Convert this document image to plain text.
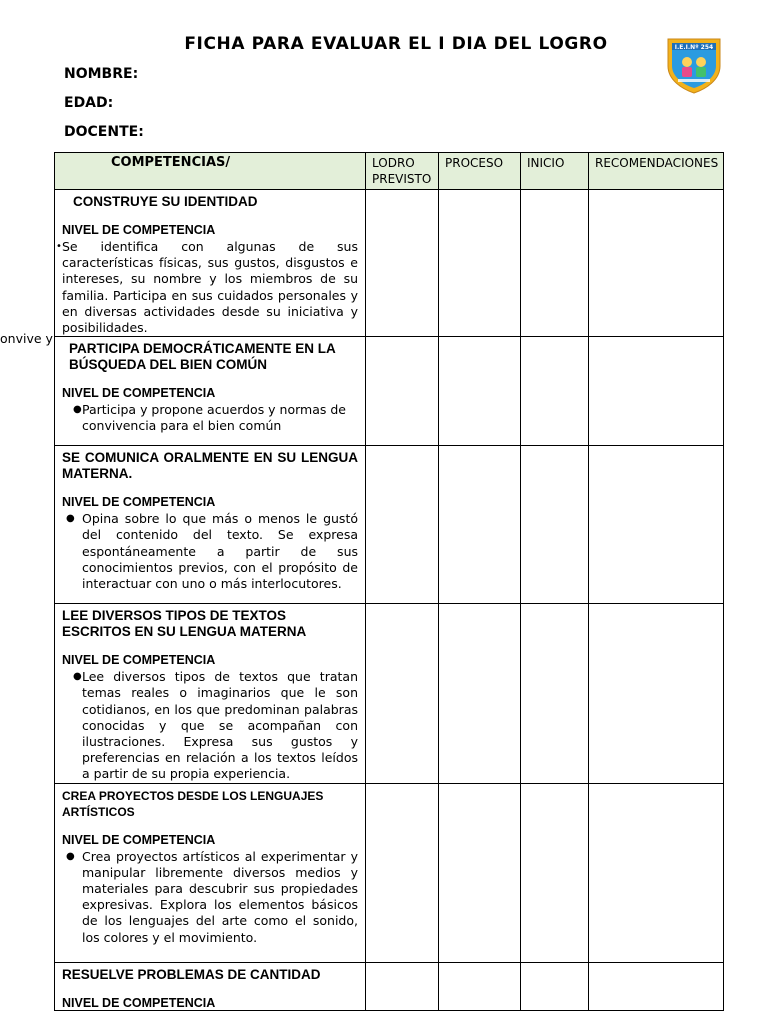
FICHA PARA EVALUAR EL I DIA DEL LOGRO	I.E.I.Nº 254
NOMBRE:
EDAD:
DOCENTE:
onvive y
COMPETENCIAS/	LODRO PREVISTO	PROCESO	INICIO	RECOMENDACIONES

CONSTRUYE SU IDENTIDAD
NIVEL DE COMPETENCIA
• Se identifica con algunas de sus características físicas, sus gustos, disgustos e intereses, su nombre y los miembros de su familia. Participa en sus cuidados personales y en diversas actividades desde su iniciativa y posibilidades.				

PARTICIPA DEMOCRÁTICAMENTE EN LA BÚSQUEDA DEL BIEN COMÚN
NIVEL DE COMPETENCIA
● Participa y propone acuerdos y normas de convivencia para el bien común				

SE COMUNICA ORALMENTE EN SU LENGUA MATERNA.
NIVEL DE COMPETENCIA
● Opina sobre lo que más o menos le gustó del contenido del texto. Se expresa espontáneamente a partir de sus conocimientos previos, con el propósito de interactuar con uno o más interlocutores.				

LEE DIVERSOS TIPOS DE TEXTOS ESCRITOS EN SU LENGUA MATERNA
NIVEL DE COMPETENCIA
● Lee diversos tipos de textos que tratan temas reales o imaginarios que le son cotidianos, en los que predominan palabras conocidas y que se acompañan con ilustraciones. Expresa sus gustos y preferencias en relación a los textos leídos a partir de su propia experiencia.				

CREA PROYECTOS DESDE LOS LENGUAJES ARTÍSTICOS
NIVEL DE COMPETENCIA
● Crea proyectos artísticos al experimentar y manipular libremente diversos medios y materiales para descubrir sus propiedades expresivas. Explora los elementos básicos de los lenguajes del arte como el sonido, los colores y el movimiento.				

RESUELVE PROBLEMAS DE CANTIDAD
NIVEL DE COMPETENCIA				
